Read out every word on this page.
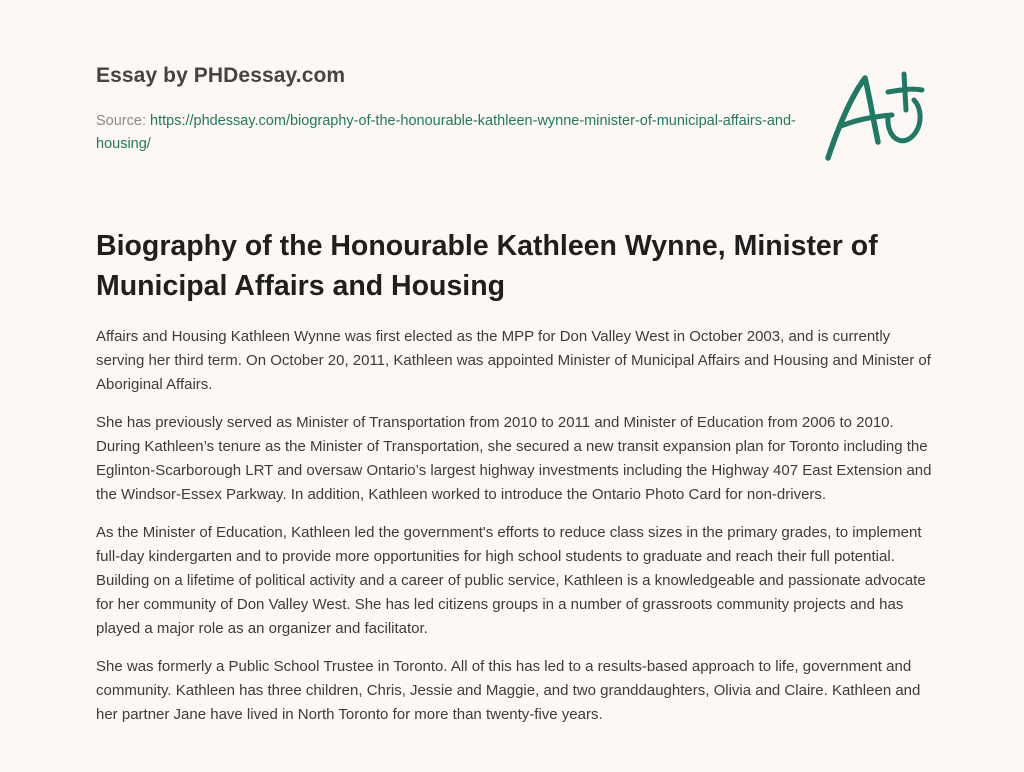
Essay by PHDessay.com
Source: https://phdessay.com/biography-of-the-honourable-kathleen-wynne-minister-of-municipal-affairs-and-housing/
Biography of the Honourable Kathleen Wynne, Minister of Municipal Affairs and Housing

Affairs and Housing Kathleen Wynne was first elected as the MPP for Don Valley West in October 2003, and is currently serving her third term. On October 20, 2011, Kathleen was appointed Minister of Municipal Affairs and Housing and Minister of Aboriginal Affairs.

She has previously served as Minister of Transportation from 2010 to 2011 and Minister of Education from 2006 to 2010. During Kathleen’s tenure as the Minister of Transportation, she secured a new transit expansion plan for Toronto including the Eglinton-Scarborough LRT and oversaw Ontario’s largest highway investments including the Highway 407 East Extension and the Windsor-Essex Parkway. In addition, Kathleen worked to introduce the Ontario Photo Card for non-drivers.

As the Minister of Education, Kathleen led the government's efforts to reduce class sizes in the primary grades, to implement full-day kindergarten and to provide more opportunities for high school students to graduate and reach their full potential. Building on a lifetime of political activity and a career of public service, Kathleen is a knowledgeable and passionate advocate for her community of Don Valley West. She has led citizens groups in a number of grassroots community projects and has played a major role as an organizer and facilitator.

She was formerly a Public School Trustee in Toronto. All of this has led to a results-based approach to life, government and community. Kathleen has three children, Chris, Jessie and Maggie, and two granddaughters, Olivia and Claire. Kathleen and her partner Jane have lived in North Toronto for more than twenty-five years.
